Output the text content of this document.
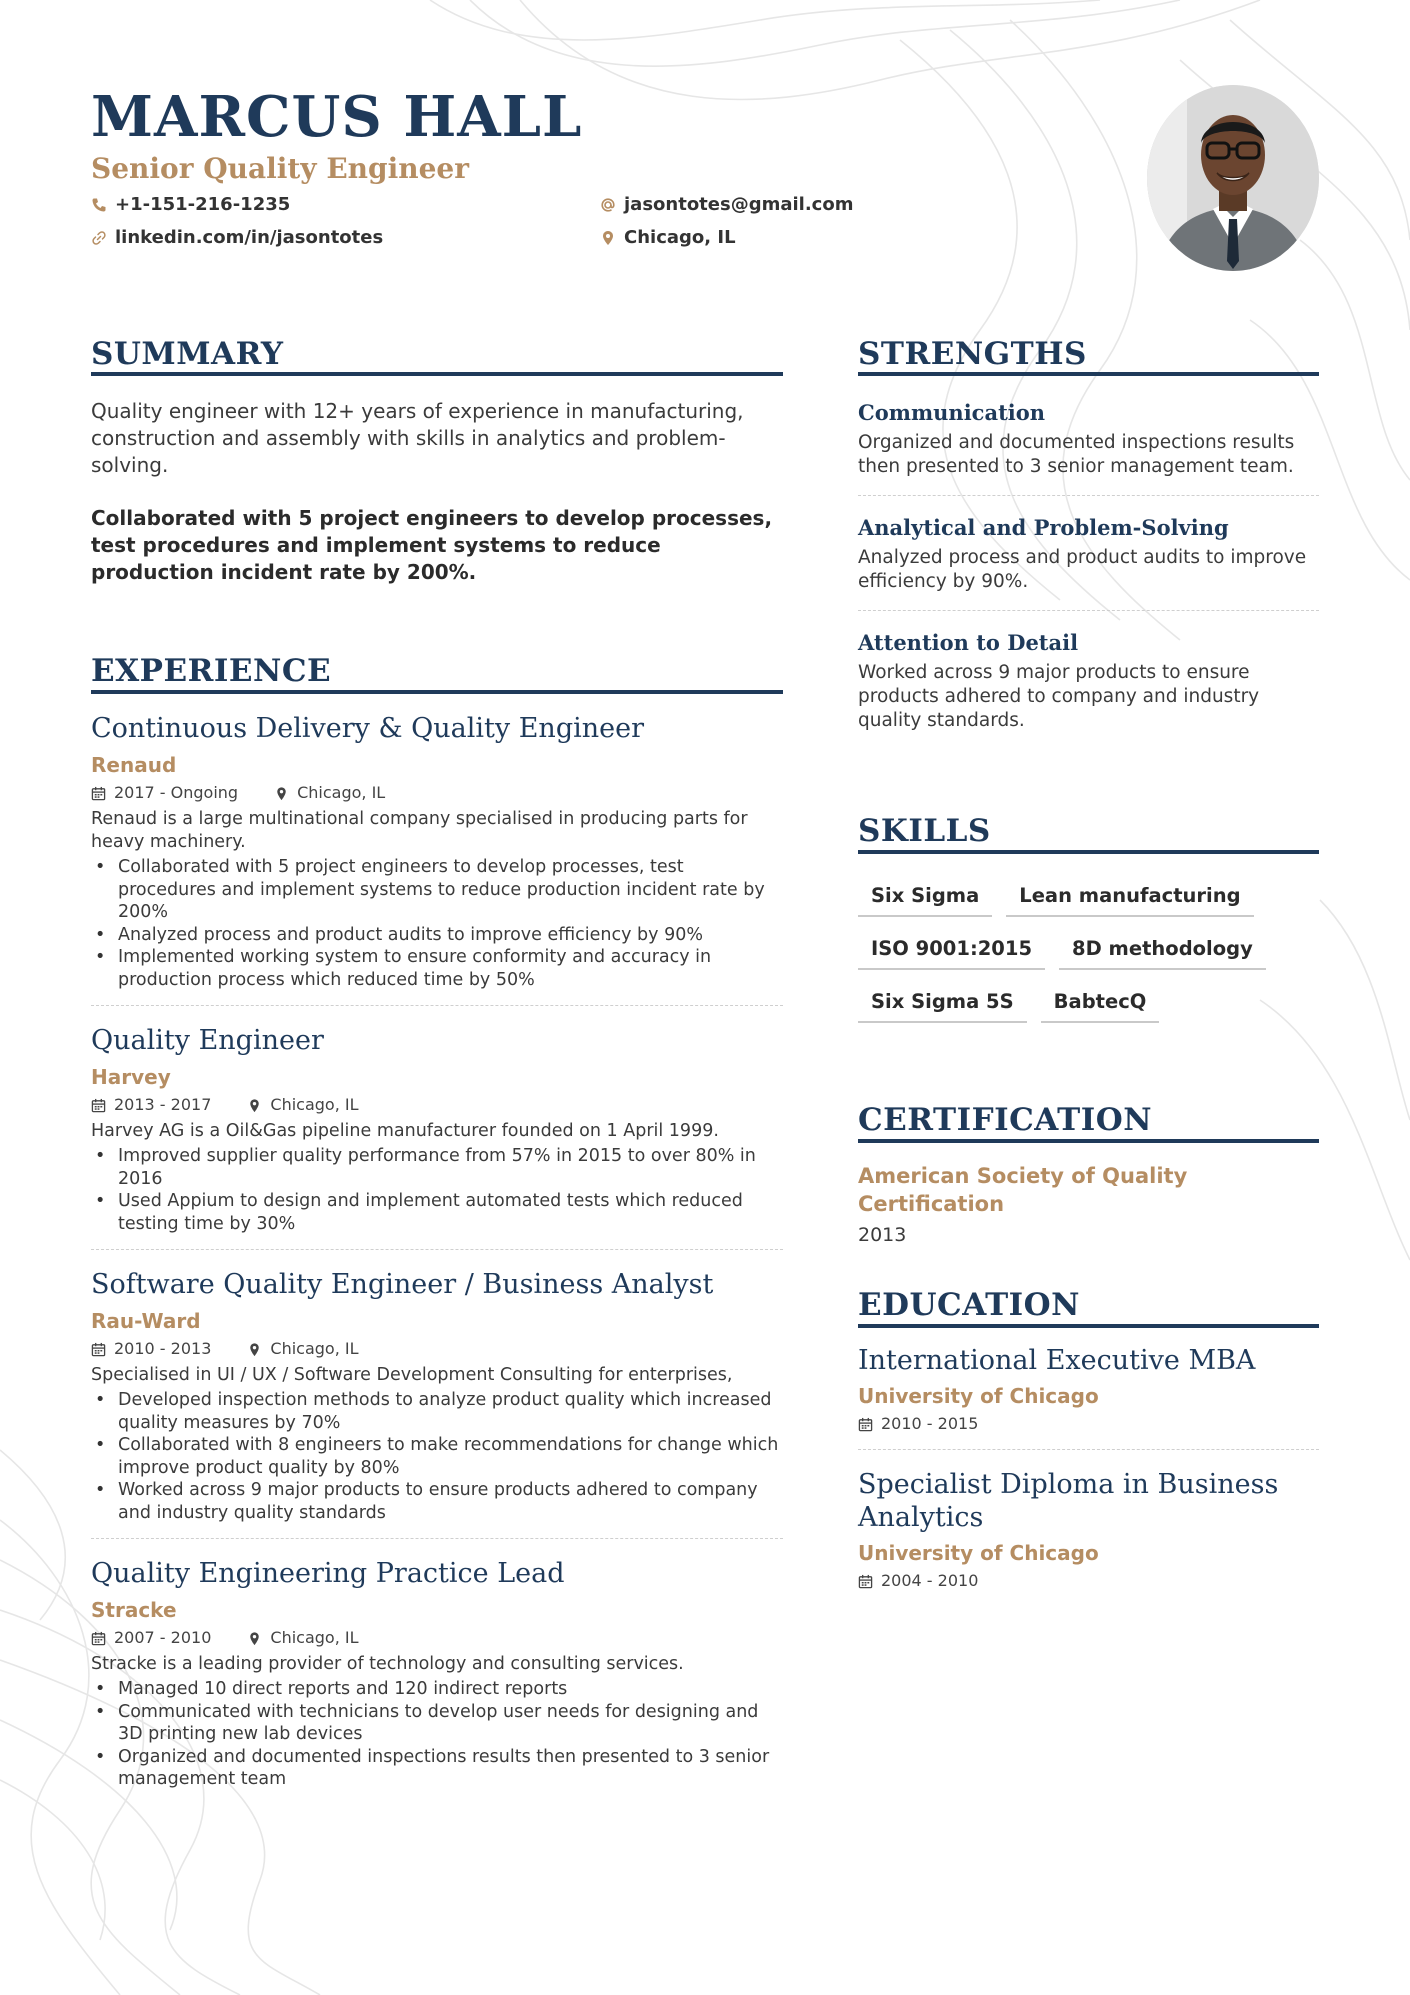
MARCUS HALL
Senior Quality Engineer
+1-151-216-1235	jasontotes@gmail.com
linkedin.com/in/jasontotes	Chicago, IL
SUMMARY

Quality engineer with 12+ years of experience in manufacturing, construction and assembly with skills in analytics and problem-solving.

Collaborated with 5 project engineers to develop processes, test procedures and implement systems to reduce production incident rate by 200%.

EXPERIENCE
Continuous Delivery & Quality Engineer
Renaud
2017 - Ongoing	Chicago, IL
Renaud is a large multinational company specialised in producing parts for heavy machinery.
• Collaborated with 5 project engineers to develop processes, test procedures and implement systems to reduce production incident rate by 200%
• Analyzed process and product audits to improve efficiency by 90%
• Implemented working system to ensure conformity and accuracy in production process which reduced time by 50%
Quality Engineer
Harvey
2013 - 2017	Chicago, IL
Harvey AG is a Oil&Gas pipeline manufacturer founded on 1 April 1999.
• Improved supplier quality performance from 57% in 2015 to over 80% in 2016
• Used Appium to design and implement automated tests which reduced testing time by 30%
Software Quality Engineer / Business Analyst
Rau-Ward
2010 - 2013	Chicago, IL
Specialised in UI / UX / Software Development Consulting for enterprises,
• Developed inspection methods to analyze product quality which increased quality measures by 70%
• Collaborated with 8 engineers to make recommendations for change which improve product quality by 80%
• Worked across 9 major products to ensure products adhered to company and industry quality standards
Quality Engineering Practice Lead
Stracke
2007 - 2010	Chicago, IL
Stracke is a leading provider of technology and consulting services.
• Managed 10 direct reports and 120 indirect reports
• Communicated with technicians to develop user needs for designing and 3D printing new lab devices
• Organized and documented inspections results then presented to 3 senior management team
STRENGTHS
Communication
Organized and documented inspections results then presented to 3 senior management team.
Analytical and Problem-Solving
Analyzed process and product audits to improve efficiency by 90%.
Attention to Detail
Worked across 9 major products to ensure products adhered to company and industry quality standards.
SKILLS
Six Sigma	Lean manufacturing
ISO 9001:2015	8D methodology
Six Sigma 5S	BabtecQ
CERTIFICATION
American Society of Quality Certification
2013
EDUCATION
International Executive MBA
University of Chicago
2010 - 2015
Specialist Diploma in Business Analytics
University of Chicago
2004 - 2010
